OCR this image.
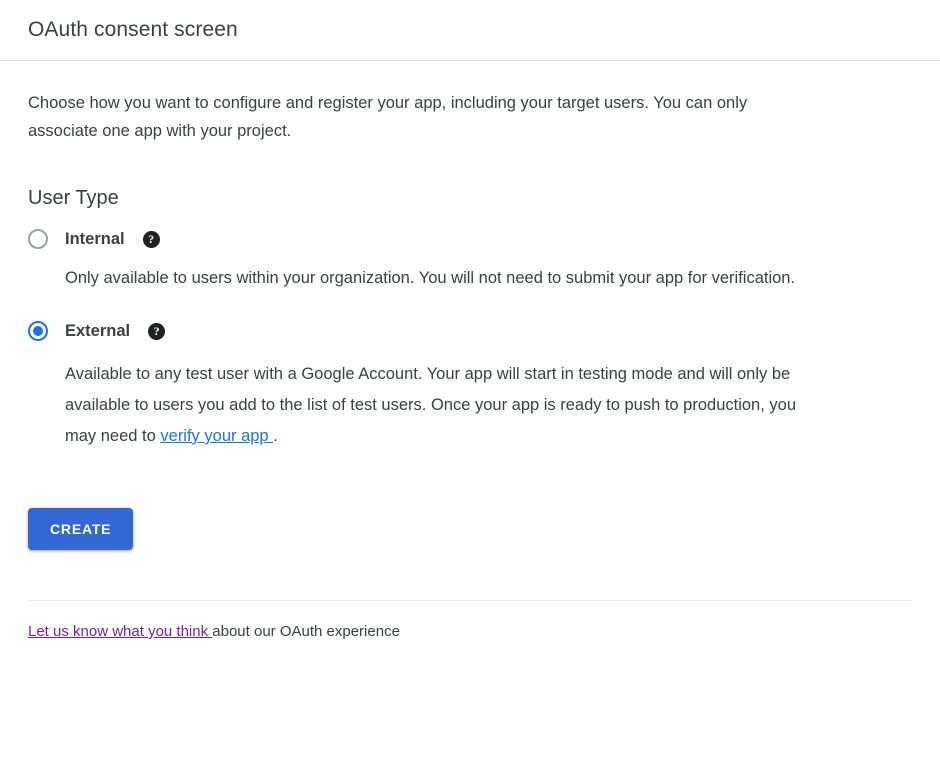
OAuth consent screen

Choose how you want to configure and register your app, including your target users. You can only associate one app with your project.

User Type
Internal	?
Only available to users within your organization. You will not need to submit your app for verification.
External	?
Available to any test user with a Google Account. Your app will start in testing mode and will only be available to users you add to the list of test users. Once your app is ready to push to production, you may need to verify your app .
CREATE
Let us know what you think about our OAuth experience
